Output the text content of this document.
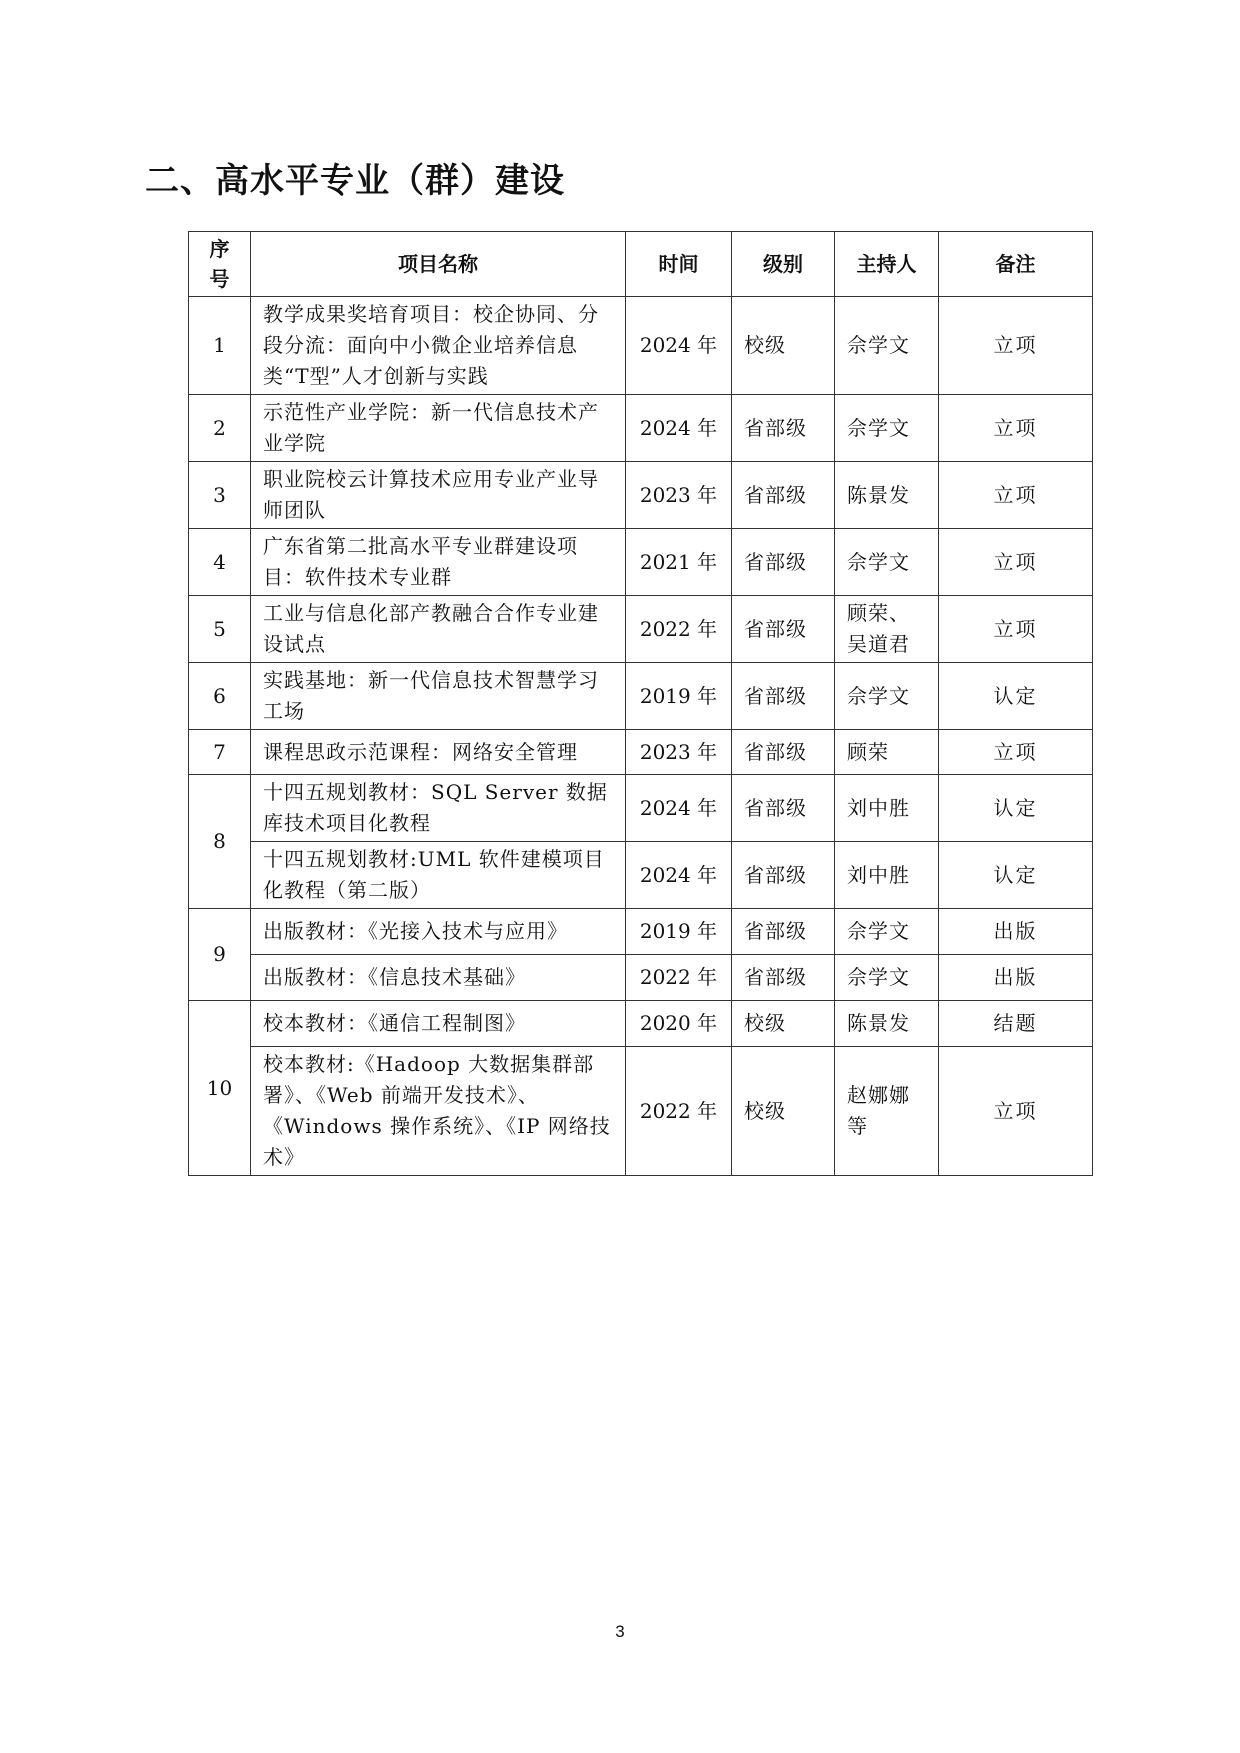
二、高水平专业（群）建设
序号	项目名称	时间	级别	主持人	备注
1	教学成果奖培育项目：校企协同、分段分流：面向中小微企业培养信息类“T型”人才创新与实践	2024 年	校级	佘学文	立项
2	示范性产业学院：新一代信息技术产业学院	2024 年	省部级	佘学文	立项
3	职业院校云计算技术应用专业产业导师团队	2023 年	省部级	陈景发	立项
4	广东省第二批高水平专业群建设项目：软件技术专业群	2021 年	省部级	佘学文	立项
5	工业与信息化部产教融合合作专业建设试点	2022 年	省部级	顾荣、吴道君	立项
6	实践基地：新一代信息技术智慧学习工场	2019 年	省部级	佘学文	认定
7	课程思政示范课程：网络安全管理	2023 年	省部级	顾荣	立项
8	十四五规划教材：SQL Server 数据库技术项目化教程	2024 年	省部级	刘中胜	认定
	十四五规划教材:UML 软件建模项目化教程（第二版）	2024 年	省部级	刘中胜	认定
9	出版教材：《光接入技术与应用》	2019 年	省部级	佘学文	出版
	出版教材：《信息技术基础》	2022 年	省部级	佘学文	出版
10	校本教材：《通信工程制图》	2020 年	校级	陈景发	结题
	校本教材:《Hadoop 大数据集群部署》、《Web 前端开发技术》、《Windows 操作系统》、《IP 网络技术》	2022 年	校级	赵娜娜等	立项
3
